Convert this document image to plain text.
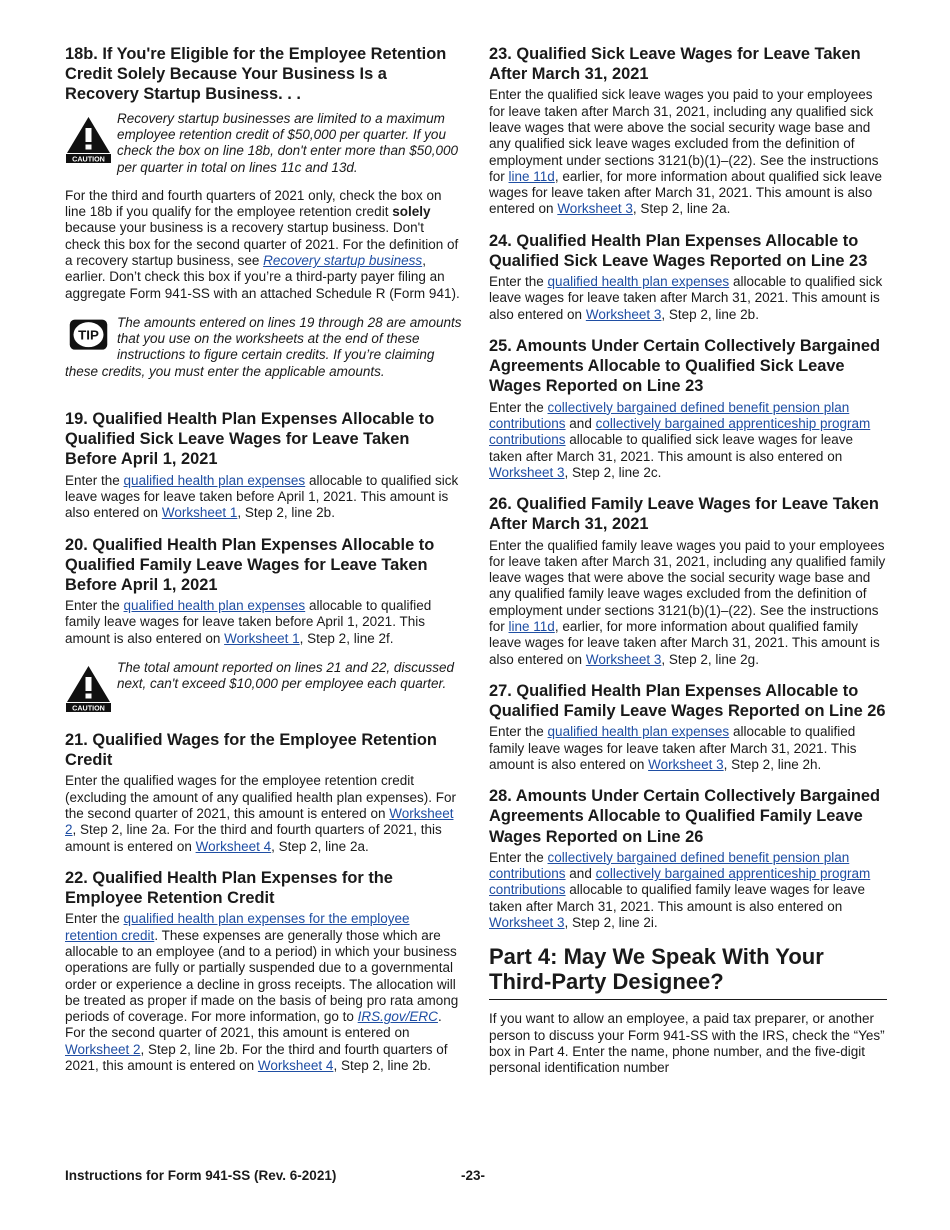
18b. If You're Eligible for the Employee Retention Credit Solely Because Your Business Is a Recovery Startup Business. . .
CAUTION

Recovery startup businesses are limited to a maximum employee retention credit of $50,000 per quarter. If you check the box on line 18b, don't enter more than $50,000 per quarter in total on lines 11c and 13d.

For the third and fourth quarters of 2021 only, check the box on line 18b if you qualify for the employee retention credit solely because your business is a recovery startup business. Don't check this box for the second quarter of 2021. For the definition of a recovery startup business, see Recovery startup business, earlier. Don’t check this box if you’re a third-party payer filing an aggregate Form 941-SS with an attached Schedule R (Form 941).

TIP

The amounts entered on lines 19 through 28 are amounts that you use on the worksheets at the end of these instructions to figure certain credits. If you’re claiming these credits, you must enter the applicable amounts.

19. Qualified Health Plan Expenses Allocable to Qualified Sick Leave Wages for Leave Taken Before April 1, 2021

Enter the qualified health plan expenses allocable to qualified sick leave wages for leave taken before April 1, 2021. This amount is also entered on Worksheet 1, Step 2, line 2b.

20. Qualified Health Plan Expenses Allocable to Qualified Family Leave Wages for Leave Taken Before April 1, 2021

Enter the qualified health plan expenses allocable to qualified family leave wages for leave taken before April 1, 2021. This amount is also entered on Worksheet 1, Step 2, line 2f.

CAUTION

The total amount reported on lines 21 and 22, discussed next, can't exceed $10,000 per employee each quarter.

21. Qualified Wages for the Employee Retention Credit

Enter the qualified wages for the employee retention credit (excluding the amount of any qualified health plan expenses). For the second quarter of 2021, this amount is entered on Worksheet 2, Step 2, line 2a. For the third and fourth quarters of 2021, this amount is entered on Worksheet 4, Step 2, line 2a.

22. Qualified Health Plan Expenses for the Employee Retention Credit

Enter the qualified health plan expenses for the employee retention credit. These expenses are generally those which are allocable to an employee (and to a period) in which your business operations are fully or partially suspended due to a governmental order or experience a decline in gross receipts. The allocation will be treated as proper if made on the basis of being pro rata among periods of coverage. For more information, go to IRS.gov/ERC. For the second quarter of 2021, this amount is entered on Worksheet 2, Step 2, line 2b. For the third and fourth quarters of 2021, this amount is entered on Worksheet 4, Step 2, line 2b.

23. Qualified Sick Leave Wages for Leave Taken After March 31, 2021

Enter the qualified sick leave wages you paid to your employees for leave taken after March 31, 2021, including any qualified sick leave wages that were above the social security wage base and any qualified sick leave wages excluded from the definition of employment under sections 3121(b)(1)–(22). See the instructions for line 11d, earlier, for more information about qualified sick leave wages for leave taken after March 31, 2021. This amount is also entered on Worksheet 3, Step 2, line 2a.

24. Qualified Health Plan Expenses Allocable to Qualified Sick Leave Wages Reported on Line 23

Enter the qualified health plan expenses allocable to qualified sick leave wages for leave taken after March 31, 2021. This amount is also entered on Worksheet 3, Step 2, line 2b.

25. Amounts Under Certain Collectively Bargained Agreements Allocable to Qualified Sick Leave Wages Reported on Line 23

Enter the collectively bargained defined benefit pension plan contributions and collectively bargained apprenticeship program contributions allocable to qualified sick leave wages for leave taken after March 31, 2021. This amount is also entered on Worksheet 3, Step 2, line 2c.

26. Qualified Family Leave Wages for Leave Taken After March 31, 2021

Enter the qualified family leave wages you paid to your employees for leave taken after March 31, 2021, including any qualified family leave wages that were above the social security wage base and any qualified family leave wages excluded from the definition of employment under sections 3121(b)(1)–(22). See the instructions for line 11d, earlier, for more information about qualified family leave wages for leave taken after March 31, 2021. This amount is also entered on Worksheet 3, Step 2, line 2g.

27. Qualified Health Plan Expenses Allocable to Qualified Family Leave Wages Reported on Line 26

Enter the qualified health plan expenses allocable to qualified family leave wages for leave taken after March 31, 2021. This amount is also entered on Worksheet 3, Step 2, line 2h.

28. Amounts Under Certain Collectively Bargained Agreements Allocable to Qualified Family Leave Wages Reported on Line 26

Enter the collectively bargained defined benefit pension plan contributions and collectively bargained apprenticeship program contributions allocable to qualified family leave wages for leave taken after March 31, 2021. This amount is also entered on Worksheet 3, Step 2, line 2i.

Part 4: May We Speak With Your Third-Party Designee?

If you want to allow an employee, a paid tax preparer, or another person to discuss your Form 941-SS with the IRS, check the “Yes” box in Part 4. Enter the name, phone number, and the five-digit personal identification number

Instructions for Form 941-SS (Rev. 6-2021)	-23-
